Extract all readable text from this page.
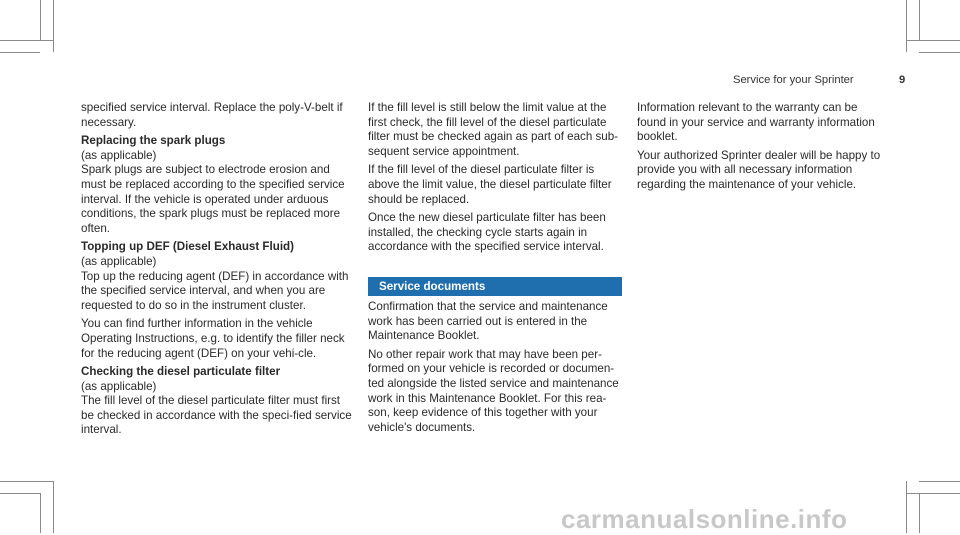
Service for your Sprinter	9

specified service interval. Replace the poly-V-belt if necessary.

Replacing the spark plugs

(as applicable)

Spark plugs are subject to electrode erosion and must be replaced according to the specified service interval. If the vehicle is operated under arduous conditions, the spark plugs must be replaced more often.

Topping up DEF (Diesel Exhaust Fluid)

(as applicable)

Top up the reducing agent (DEF) in accordance with the specified service interval, and when you are requested to do so in the instrument cluster.

You can find further information in the vehicle Operating Instructions, e.g. to identify the filler neck for the reducing agent (DEF) on your vehi-cle.

Checking the diesel particulate filter

(as applicable)

The fill level of the diesel particulate filter must first be checked in accordance with the speci-fied service interval.

If the fill level is still below the limit value at the first check, the fill level of the diesel particulate filter must be checked again as part of each sub-sequent service appointment.

If the fill level of the diesel particulate filter is above the limit value, the diesel particulate filter should be replaced.

Once the new diesel particulate filter has been installed, the checking cycle starts again in accordance with the specified service interval.

Service documents

Confirmation that the service and maintenance work has been carried out is entered in the Maintenance Booklet.

No other repair work that may have been per-formed on your vehicle is recorded or documen-ted alongside the listed service and maintenance work in this Maintenance Booklet. For this rea-son, keep evidence of this together with your vehicle's documents.

Information relevant to the warranty can be found in your service and warranty information booklet.

Your authorized Sprinter dealer will be happy to provide you with all necessary information regarding the maintenance of your vehicle.

carmanualsonline.info
